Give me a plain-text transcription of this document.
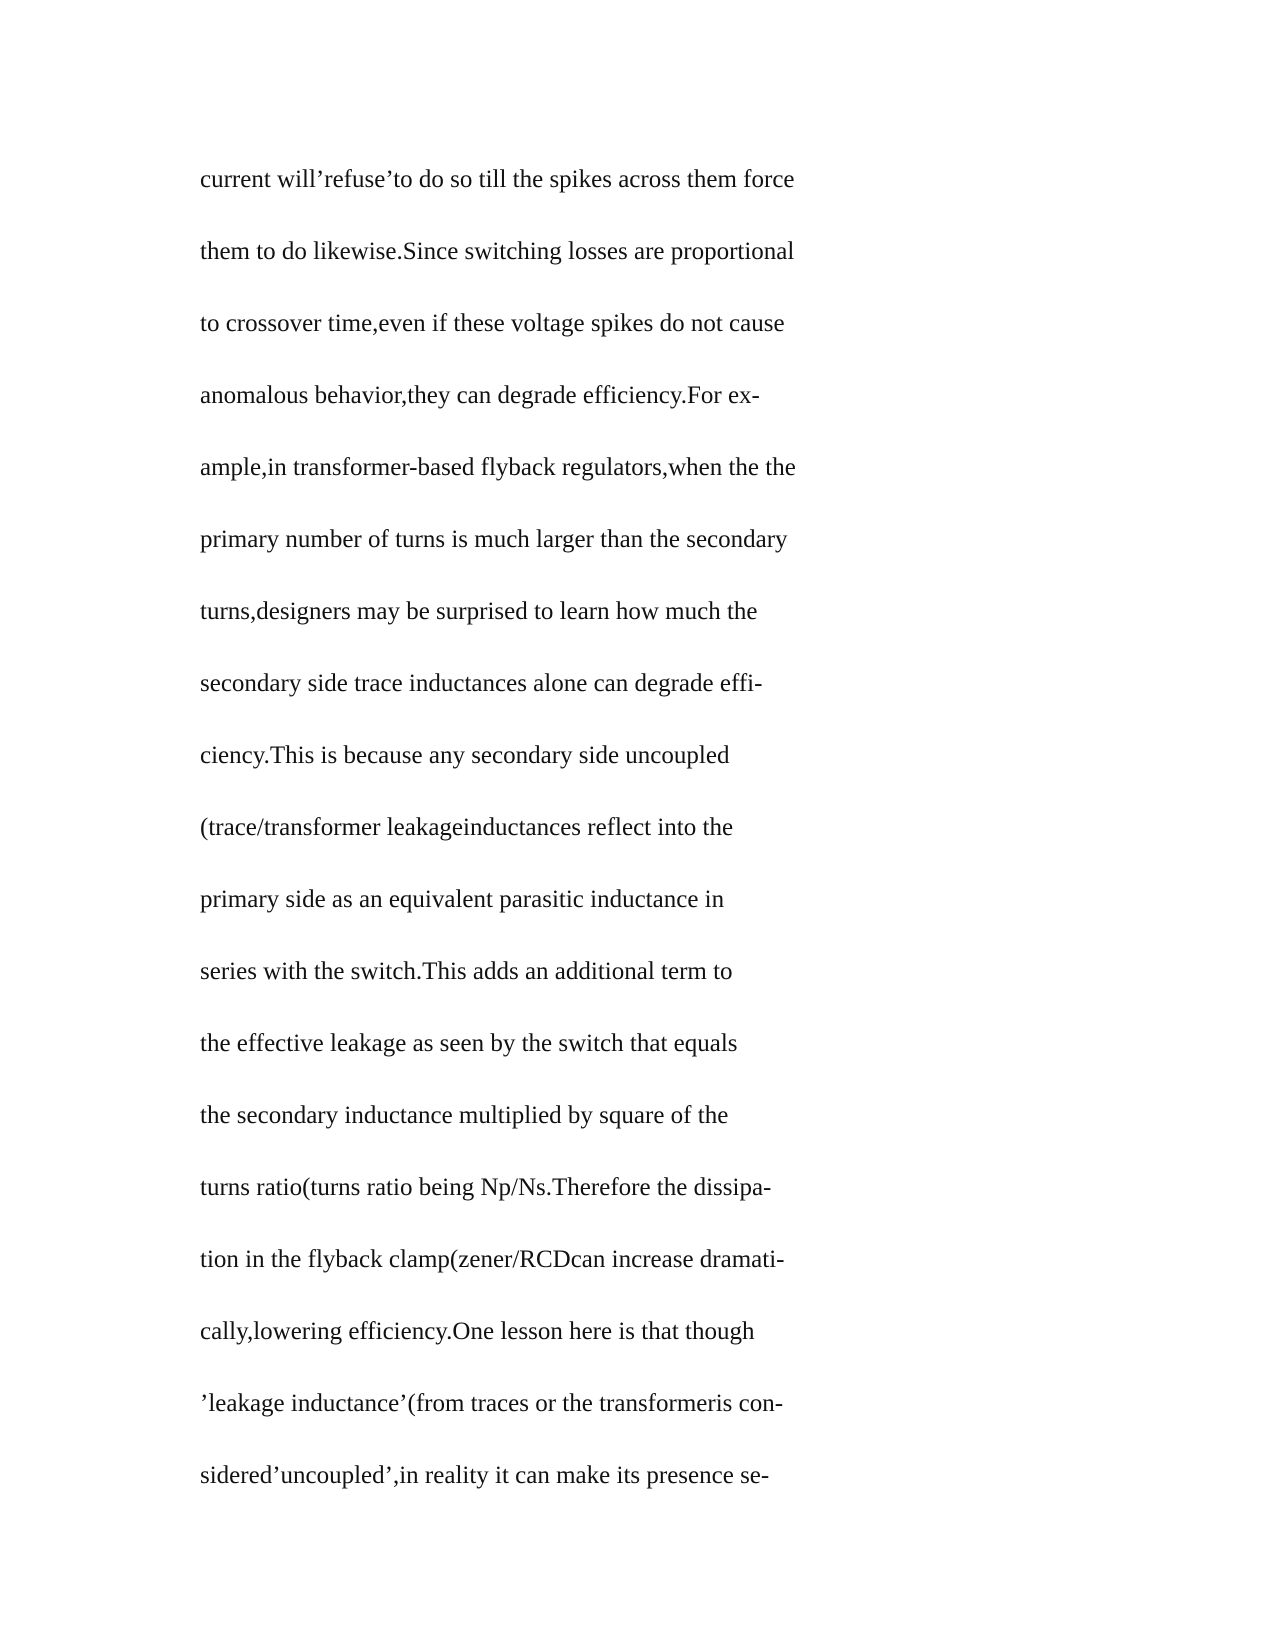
current will’refuse’to do so till the spikes across them force
them to do likewise.Since switching losses are proportional
to crossover time,even if these voltage spikes do not cause
anomalous behavior,they can degrade efficiency.For ex-
ample,in transformer-based flyback regulators,when the the
primary number of turns is much larger than the secondary
turns,designers may be surprised to learn how much the
secondary side trace inductances alone can degrade effi-
ciency.This is because any secondary side uncoupled
(trace/transformer leakageinductances reflect into the
primary side as an equivalent parasitic inductance in
series with the switch.This adds an additional term to
the effective leakage as seen by the switch that equals
the secondary inductance multiplied by square of the
turns ratio(turns ratio being Np/Ns.Therefore the dissipa-
tion in the flyback clamp(zener/RCDcan increase dramati-
cally,lowering efficiency.One lesson here is that though
’leakage inductance’(from traces or the transformeris con-
sidered’uncoupled’,in reality it can make its presence se-
